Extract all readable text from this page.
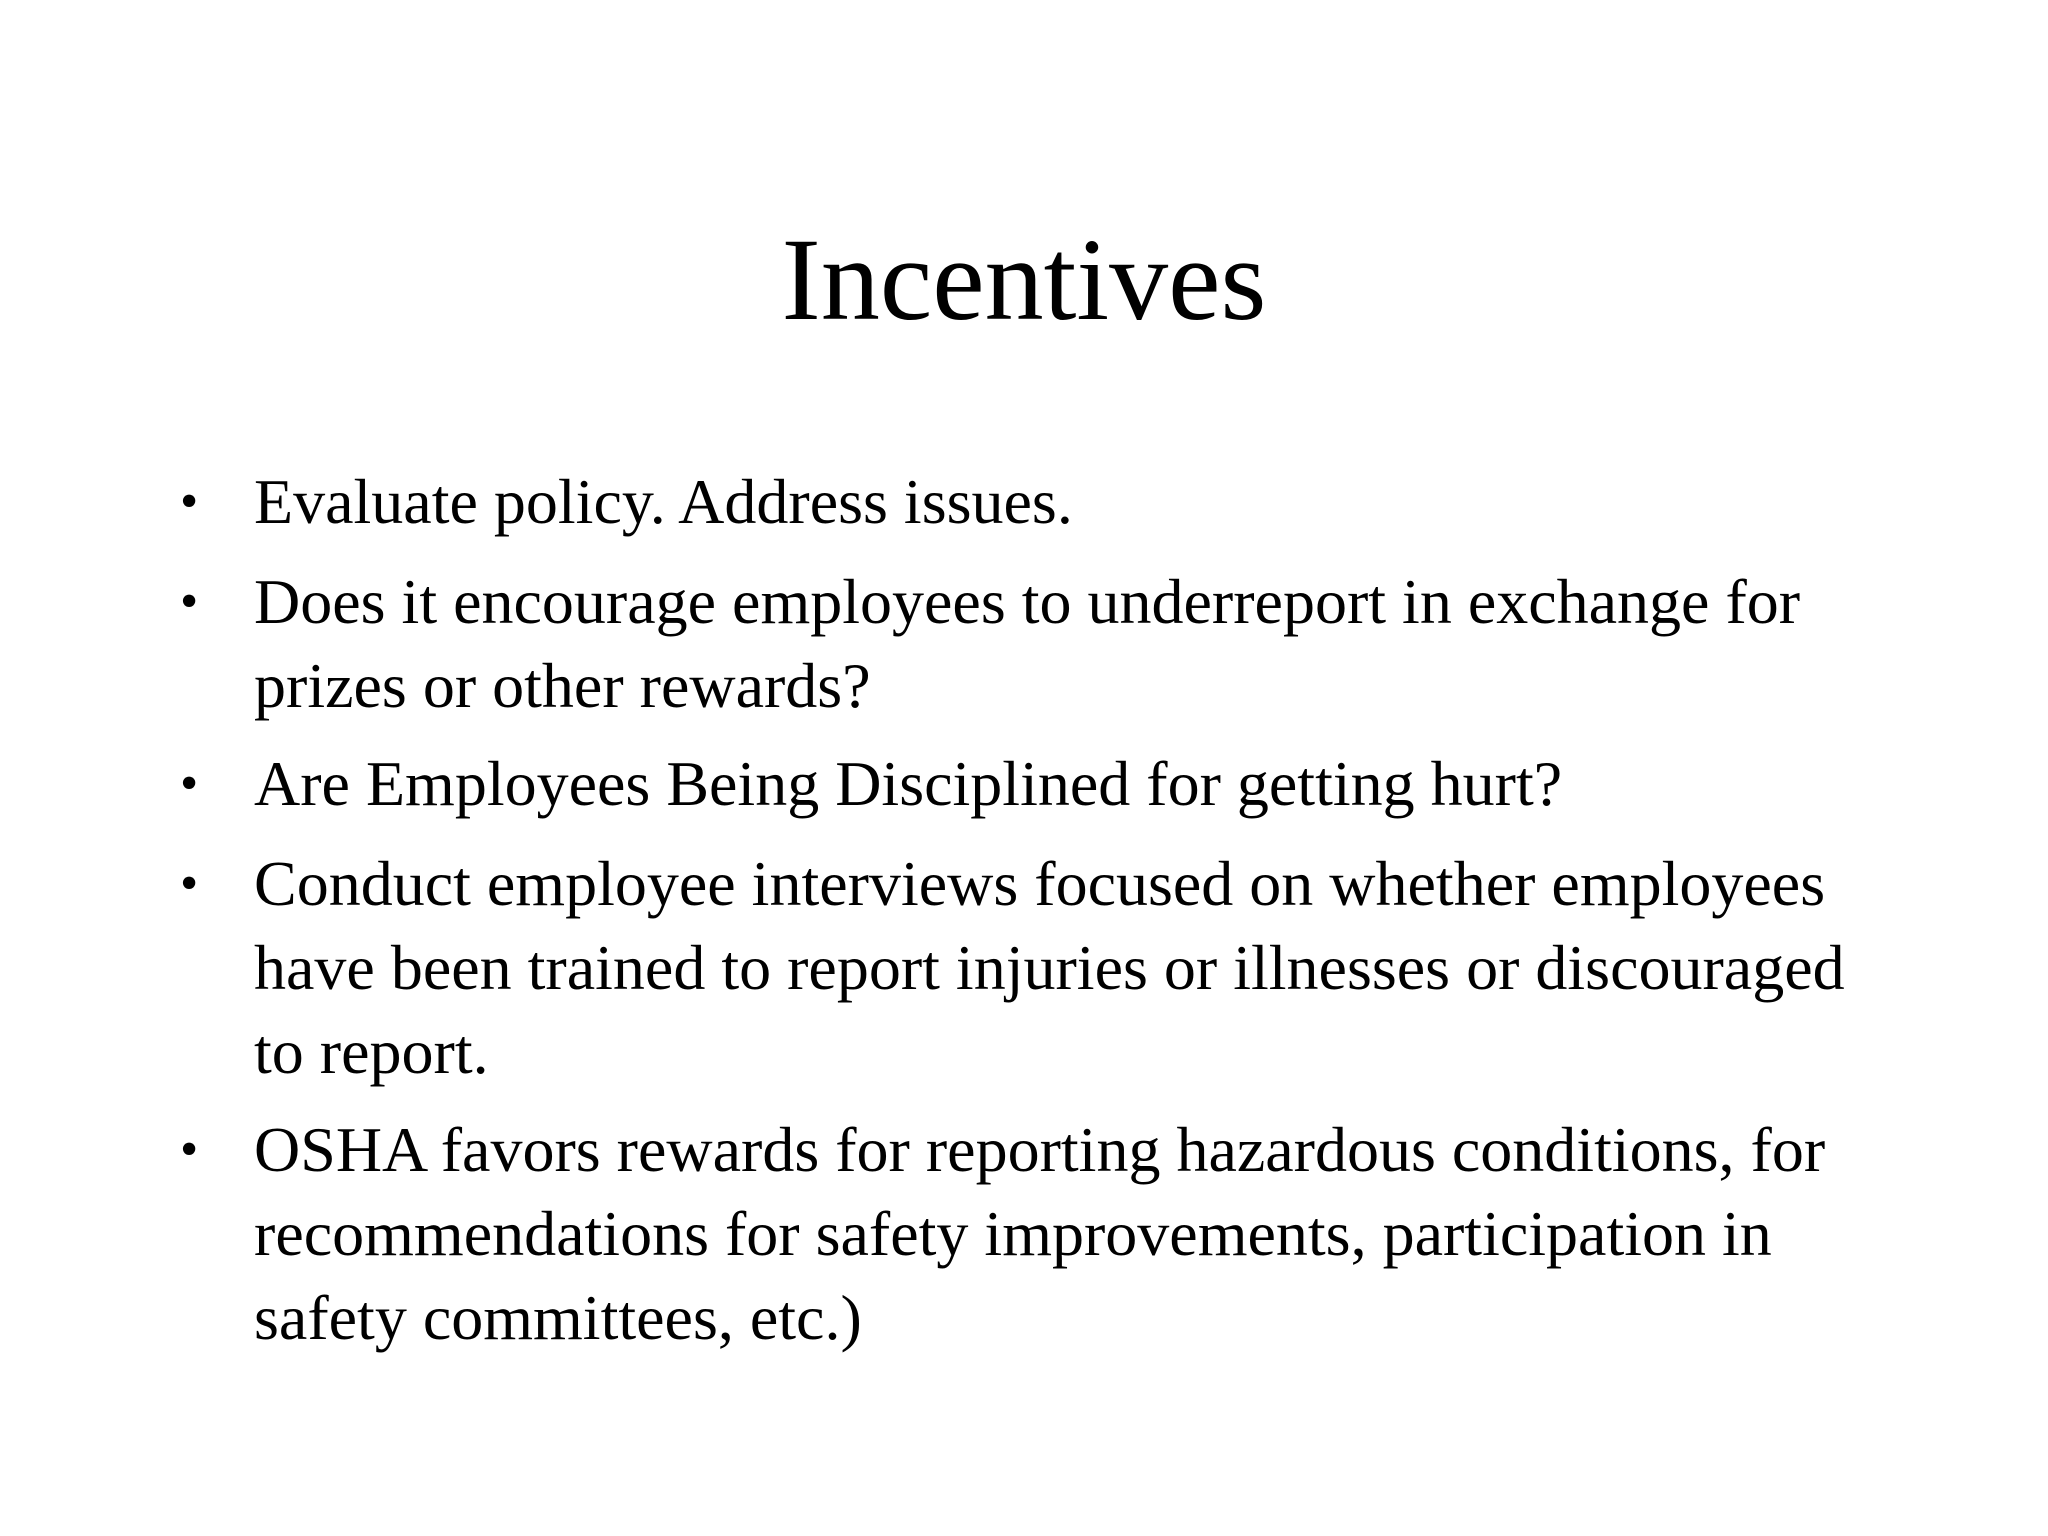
Incentives
• Evaluate policy. Address issues.
• Does it encourage employees to underreport in exchange for prizes or other rewards?
• Are Employees Being Disciplined for getting hurt?
• Conduct employee interviews focused on whether employees have been trained to report injuries or illnesses or discouraged to report.
• OSHA favors rewards for reporting hazardous conditions, for recommendations for safety improvements, participation in safety committees, etc.)
